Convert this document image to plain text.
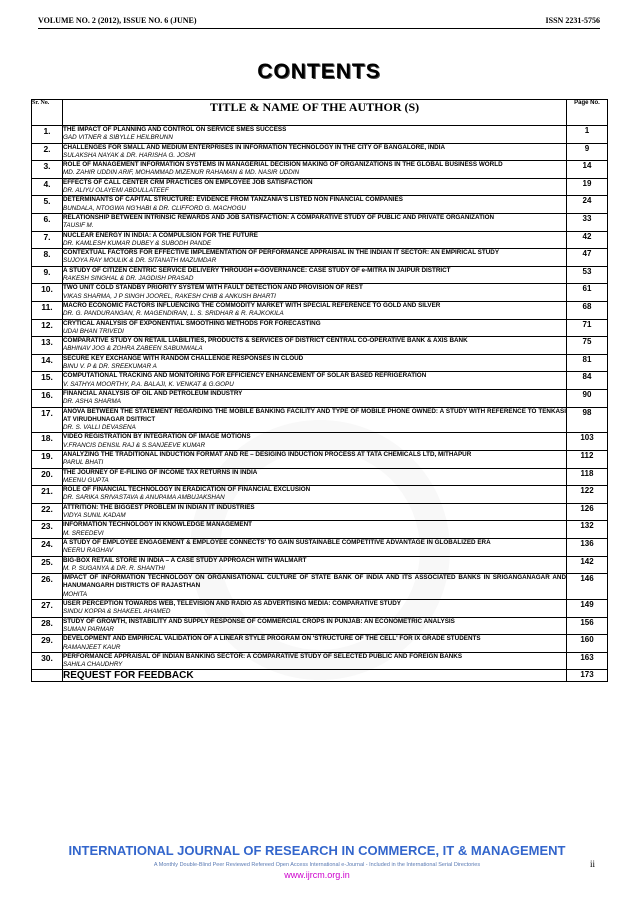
VOLUME NO. 2 (2012), ISSUE NO. 6 (JUNE)	ISSN 2231-5756
CONTENTS
Sr. No.	TITLE & NAME OF THE AUTHOR (S)	Page No.
1.	THE IMPACT OF PLANNING AND CONTROL ON SERVICE SMES SUCCESS
GAD VITNER & SIBYLLE HEILBRUNN	1
2.	CHALLENGES FOR SMALL AND MEDIUM ENTERPRISES IN INFORMATION TECHNOLOGY IN THE CITY OF BANGALORE, INDIA
SULAKSHA NAYAK & DR. HARISHA G. JOSHI	9
3.	ROLE OF MANAGEMENT INFORMATION SYSTEMS IN MANAGERIAL DECISION MAKING OF ORGANIZATIONS IN THE GLOBAL BUSINESS WORLD
MD. ZAHIR UDDIN ARIF, MOHAMMAD MIZENUR RAHAMAN & MD. NASIR UDDIN	14
4.	EFFECTS OF CALL CENTER CRM PRACTICES ON EMPLOYEE JOB SATISFACTION
DR. ALIYU OLAYEMI ABDULLATEEF	19
5.	DETERMINANTS OF CAPITAL STRUCTURE: EVIDENCE FROM TANZANIA'S LISTED NON FINANCIAL COMPANIES
BUNDALA, NTOGWA NG'HABI & DR. CLIFFORD G. MACHOGU	24
6.	RELATIONSHIP BETWEEN INTRINSIC REWARDS AND JOB SATISFACTION: A COMPARATIVE STUDY OF PUBLIC AND PRIVATE ORGANIZATION
TAUSIF M.	33
7.	NUCLEAR ENERGY IN INDIA: A COMPULSION FOR THE FUTURE
DR. KAMLESH KUMAR DUBEY & SUBODH PANDE	42
8.	CONTEXTUAL FACTORS FOR EFFECTIVE IMPLEMENTATION OF PERFORMANCE APPRAISAL IN THE INDIAN IT SECTOR: AN EMPIRICAL STUDY
SUJOYA RAY MOULIK & DR. SITANATH MAZUMDAR	47
9.	A STUDY OF CITIZEN CENTRIC SERVICE DELIVERY THROUGH e-GOVERNANCE: CASE STUDY OF e-MITRA IN JAIPUR DISTRICT
RAKESH SINGHAL & DR. JAGDISH PRASAD	53
10.	TWO UNIT COLD STANDBY PRIORITY SYSTEM WITH FAULT DETECTION AND PROVISION OF REST
VIKAS SHARMA, J P SINGH JOOREL, RAKESH CHIB & ANKUSH BHARTI	61
11.	MACRO ECONOMIC FACTORS INFLUENCING THE COMMODITY MARKET WITH SPECIAL REFERENCE TO GOLD AND SILVER
DR. G. PANDURANGAN, R. MAGENDIRAN, L. S. SRIDHAR & R. RAJKOKILA	68
12.	CRYTICAL ANALYSIS OF EXPONENTIAL SMOOTHING METHODS FOR FORECASTING
UDAI BHAN TRIVEDI	71
13.	COMPARATIVE STUDY ON RETAIL LIABILITIES, PRODUCTS & SERVICES OF DISTRICT CENTRAL CO-OPERATIVE BANK & AXIS BANK
ABHINAV JOG & ZOHRA ZABEEN SABUNWALA	75
14.	SECURE KEY EXCHANGE WITH RANDOM CHALLENGE RESPONSES IN CLOUD
BINU V. P & DR. SREEKUMAR A	81
15.	COMPUTATIONAL TRACKING AND MONITORING FOR EFFICIENCY ENHANCEMENT OF SOLAR BASED REFRIGERATION
V. SATHYA MOORTHY, P.A. BALAJI, K. VENKAT & G.GOPU	84
16.	FINANCIAL ANALYSIS OF OIL AND PETROLEUM INDUSTRY
DR. ASHA SHARMA	90
17.	ANOVA BETWEEN THE STATEMENT REGARDING THE MOBILE BANKING FACILITY AND TYPE OF MOBILE PHONE OWNED: A STUDY WITH REFERENCE TO TENKASI AT VIRUDHUNAGAR DSITRICT
DR. S. VALLI DEVASENA	98
18.	VIDEO REGISTRATION BY INTEGRATION OF IMAGE MOTIONS
V.FRANCIS DENSIL RAJ & S.SANJEEVE KUMAR	103
19.	ANALYZING THE TRADITIONAL INDUCTION FORMAT AND RE – DESIGING INDUCTION PROCESS AT TATA CHEMICALS LTD, MITHAPUR
PARUL BHATI	112
20.	THE JOURNEY OF E-FILING OF INCOME TAX RETURNS IN INDIA
MEENU GUPTA	118
21.	ROLE OF FINANCIAL TECHNOLOGY IN ERADICATION OF FINANCIAL EXCLUSION
DR. SARIKA SRIVASTAVA & ANUPAMA AMBUJAKSHAN	122
22.	ATTRITION: THE BIGGEST PROBLEM IN INDIAN IT INDUSTRIES
VIDYA SUNIL KADAM	126
23.	INFORMATION TECHNOLOGY IN KNOWLEDGE MANAGEMENT
M. SREEDEVI	132
24.	A STUDY OF EMPLOYEE ENGAGEMENT & EMPLOYEE CONNECTS' TO GAIN SUSTAINABLE COMPETITIVE ADVANTAGE IN GLOBALIZED ERA
NEERU RAGHAV	136
25.	BIG-BOX RETAIL STORE IN INDIA – A CASE STUDY APPROACH WITH WALMART
M. P. SUGANYA & DR. R. SHANTHI	142
26.	IMPACT OF INFORMATION TECHNOLOGY ON ORGANISATIONAL CULTURE OF STATE BANK OF INDIA AND ITS ASSOCIATED BANKS IN SRIGANGANAGAR AND HANUMANGARH DISTRICTS OF RAJASTHAN
MOHITA	146
27.	USER PERCEPTION TOWARDS WEB, TELEVISION AND RADIO AS ADVERTISING MEDIA: COMPARATIVE STUDY
SINDU KOPPA & SHAKEEL AHAMED	149
28.	STUDY OF GROWTH, INSTABILITY AND SUPPLY RESPONSE OF COMMERCIAL CROPS IN PUNJAB: AN ECONOMETRIC ANALYSIS
SUMAN PARMAR	156
29.	DEVELOPMENT AND EMPIRICAL VALIDATION OF A LINEAR STYLE PROGRAM ON 'STRUCTURE OF THE CELL' FOR IX GRADE STUDENTS
RAMANJEET KAUR	160
30.	PERFORMANCE APPRAISAL OF INDIAN BANKING SECTOR: A COMPARATIVE STUDY OF SELECTED PUBLIC AND FOREIGN BANKS
SAHILA CHAUDHRY	163
	REQUEST FOR FEEDBACK	173
INTERNATIONAL JOURNAL OF RESEARCH IN COMMERCE, IT & MANAGEMENT
A Monthly Double-Blind Peer Reviewed Refereed Open Access International e-Journal - Included in the International Serial Directories
www.ijrcm.org.in
ii
